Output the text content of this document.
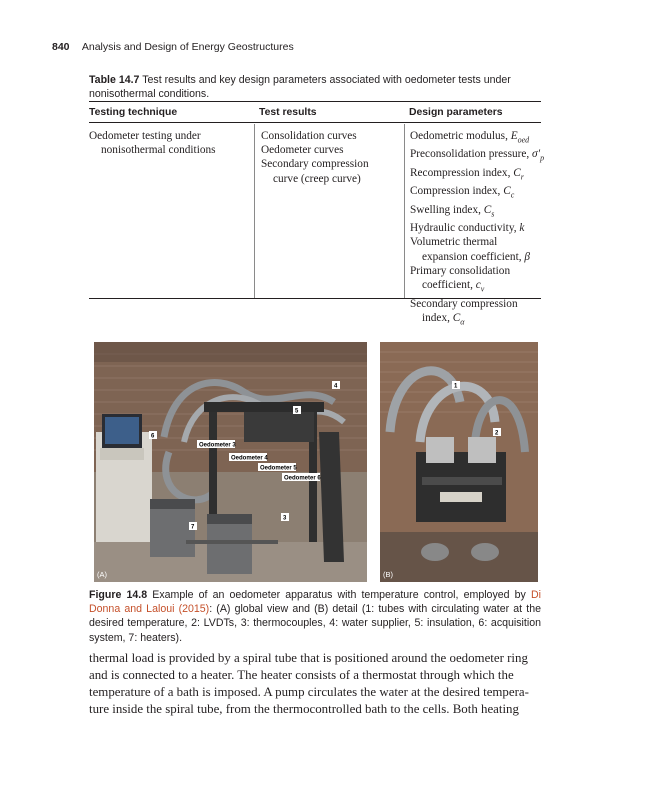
840 Analysis and Design of Energy Geostructures
Table 14.7 Test results and key design parameters associated with oedometer tests under nonisothermal conditions.
Testing technique	Test results	Design parameters
Oedometer testing under
nonisothermal conditions
Consolidation curves
Oedometer curves
Secondary compression
curve (creep curve)
Oedometric modulus, $E_{oed}$
Preconsolidation pressure, $\sigma'_p$
Recompression index, $C_r$
Compression index, $C_c$
Swelling index, $C_s$
Hydraulic conductivity, k
Volumetric thermal
expansion coefficient, β
Primary consolidation
coefficient, $c_v$
Secondary compression
index, $C_\alpha$
Oedometer 3
Oedometer 4
Oedometer 5
Oedometer 6
4
5
6
7
3
(A)
1
2
(B)
Figure 14.8 Example of an oedometer apparatus with temperature control, employed by Di Donna and Laloui (2015): (A) global view and (B) detail (1: tubes with circulating water at the desired temperature, 2: LVDTs, 3: thermocouples, 4: water supplier, 5: insulation, 6: acquisition system, 7: heaters).
thermal load is provided by a spiral tube that is positioned around the oedometer ring
and is connected to a heater. The heater consists of a thermostat through which the
temperature of a bath is imposed. A pump circulates the water at the desired tempera-
ture inside the spiral tube, from the thermocontrolled bath to the cells. Both heating
